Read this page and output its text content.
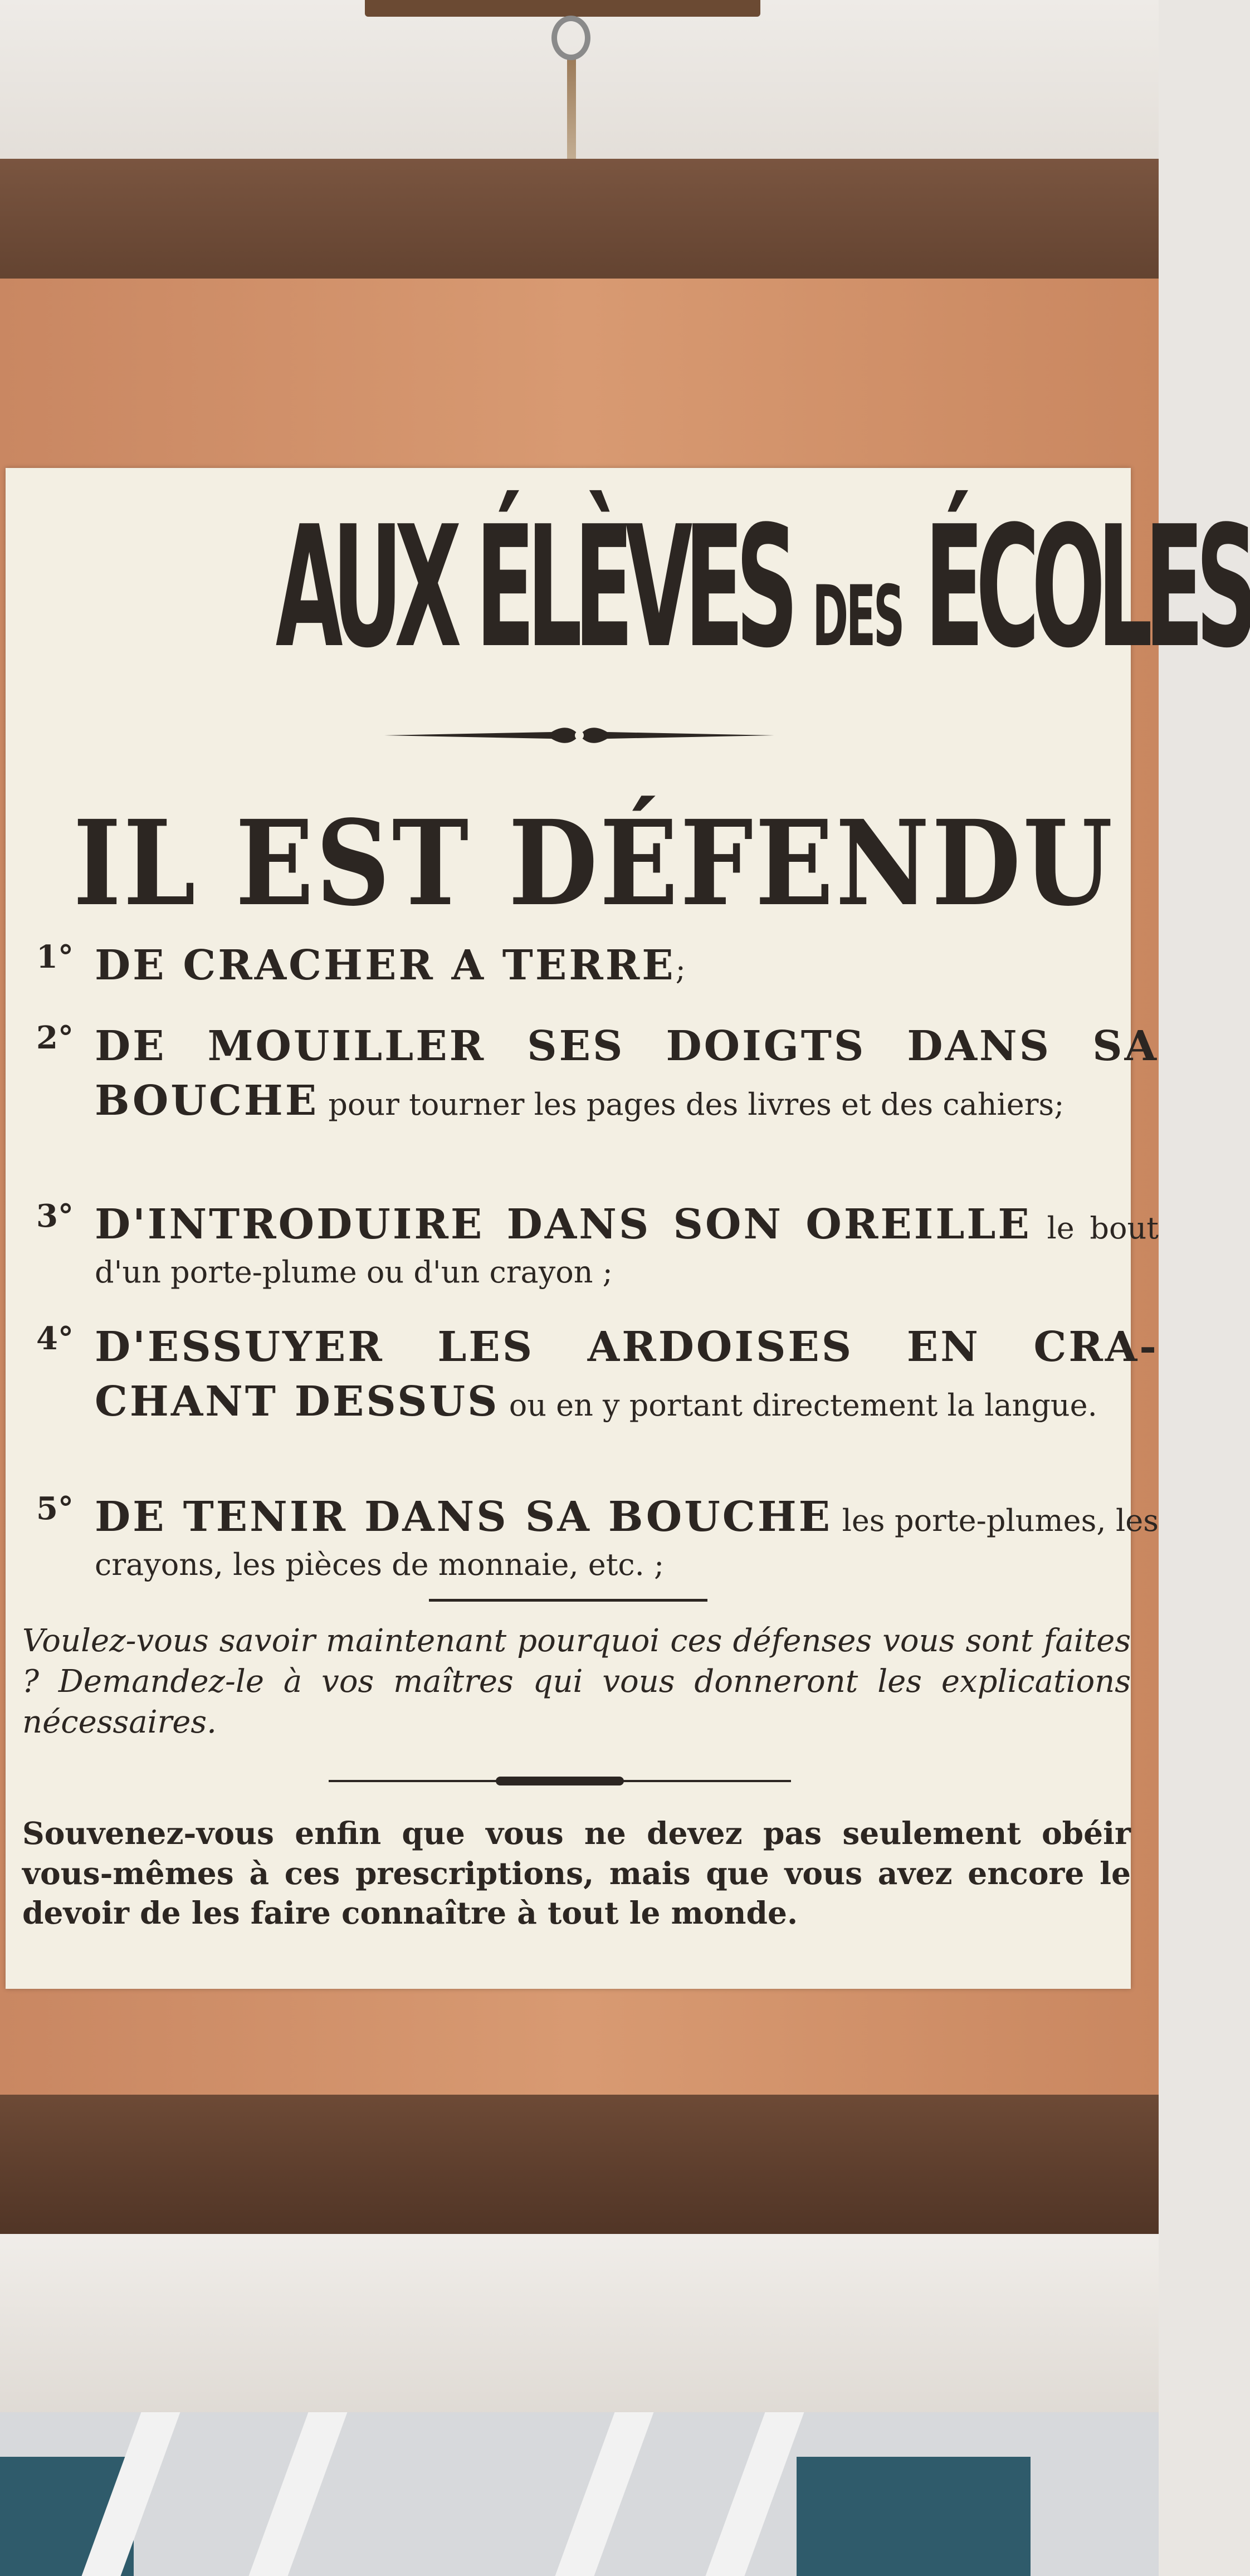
AUX ÉLÈVES DES ÉCOLES
IL EST DÉFENDU
1° DE CRACHER A TERRE;
2° DE MOUILLER SES DOIGTS DANS SA BOUCHE pour tourner les pages des livres et des cahiers;
3° D'INTRODUIRE DANS SON OREILLE le bout d'un porte-plume ou d'un crayon ;
4° D'ESSUYER LES ARDOISES EN CRA-CHANT DESSUS ou en y portant directement la langue.
5° DE TENIR DANS SA BOUCHE les porte-plumes, les crayons, les pièces de monnaie, etc. ;
Voulez-vous savoir maintenant pourquoi ces défenses vous sont faites ? Demandez-le à vos maîtres qui vous donneront les explications nécessaires.
Souvenez-vous enfin que vous ne devez pas seulement obéir vous-mêmes à ces prescriptions, mais que vous avez encore le devoir de les faire connaître à tout le monde.
